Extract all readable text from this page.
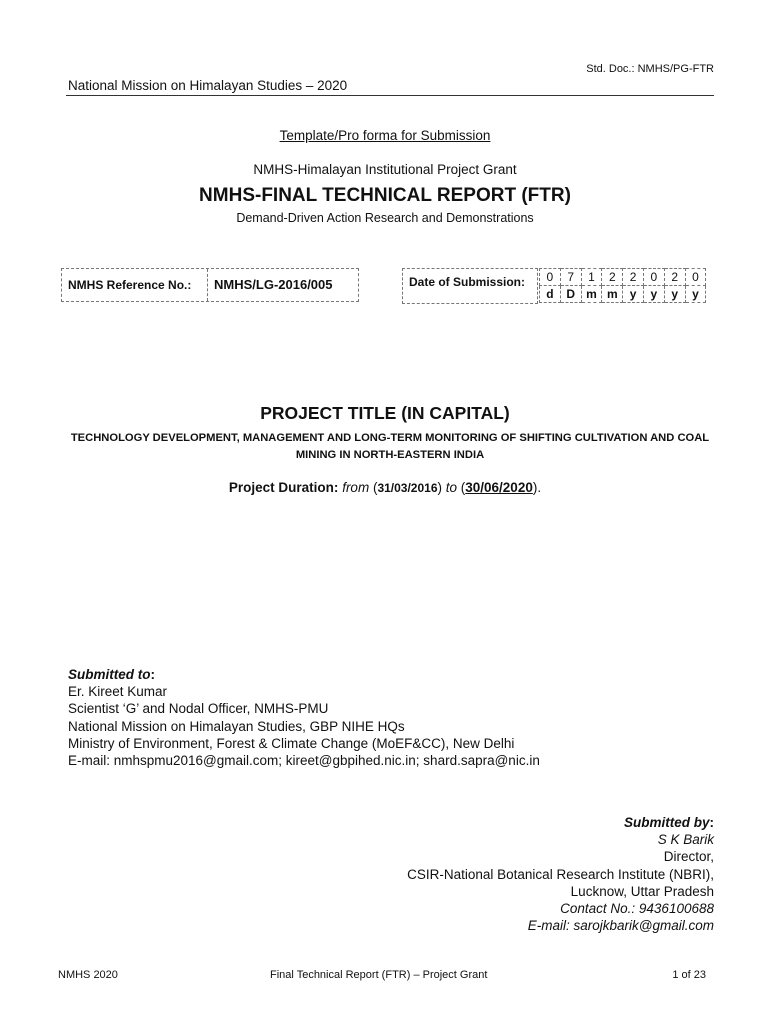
Std. Doc.: NMHS/PG-FTR
National Mission on Himalayan Studies – 2020
Template/Pro forma for Submission
NMHS-Himalayan Institutional Project Grant
NMHS-FINAL TECHNICAL REPORT (FTR)
Demand-Driven Action Research and Demonstrations
NMHS Reference No.:	NMHS/LG-2016/005	Date of Submission:	0	7	1	2	2	0	2	0
d	D	m	m	y	y	y	y
PROJECT TITLE (IN CAPITAL)
TECHNOLOGY DEVELOPMENT, MANAGEMENT AND LONG-TERM MONITORING OF SHIFTING CULTIVATION AND COAL MINING IN NORTH-EASTERN INDIA
Project Duration: from (31/03/2016) to (30/06/2020).
Submitted to:
Er. Kireet Kumar
Scientist ‘G’ and Nodal Officer, NMHS-PMU
National Mission on Himalayan Studies, GBP NIHE HQs
Ministry of Environment, Forest & Climate Change (MoEF&CC), New Delhi
E-mail: nmhspmu2016@gmail.com; kireet@gbpihed.nic.in; shard.sapra@nic.in
Submitted by:
S K Barik
Director,
CSIR-National Botanical Research Institute (NBRI),
Lucknow, Uttar Pradesh
Contact No.: 9436100688
E-mail: sarojkbarik@gmail.com
NMHS 2020	Final Technical Report (FTR) – Project Grant	1 of 23
